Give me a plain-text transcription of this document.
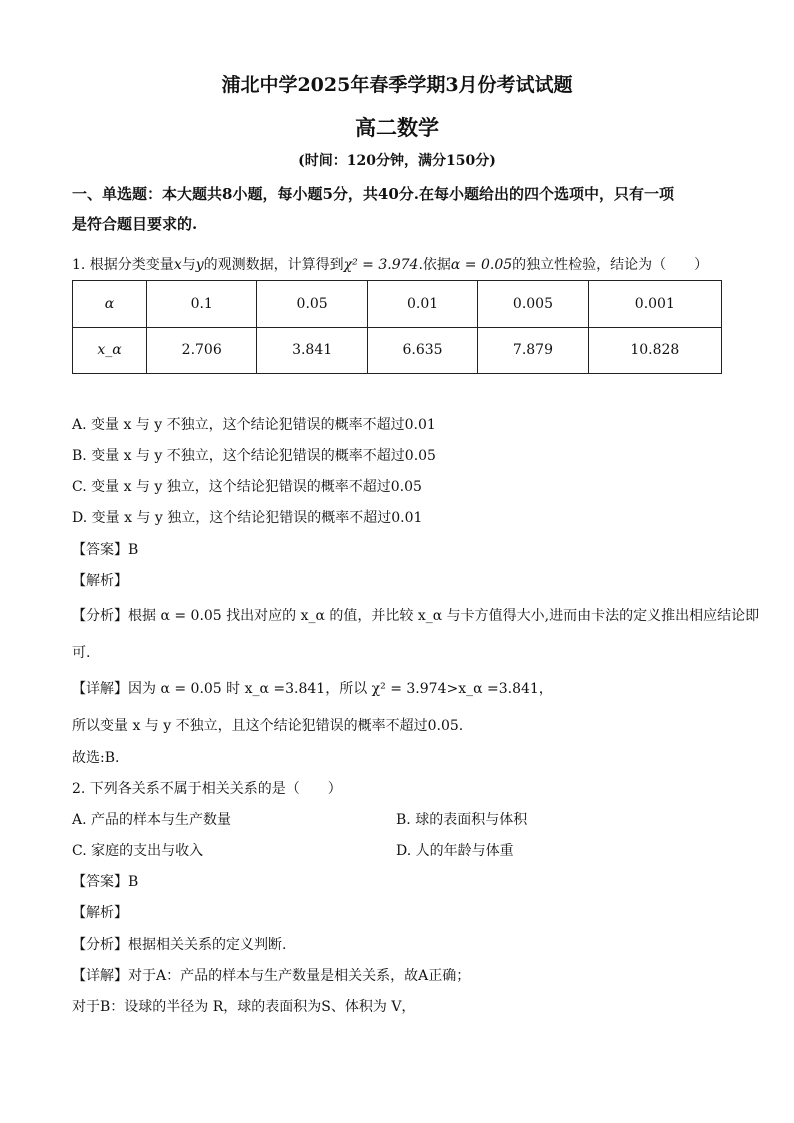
浦北中学2025年春季学期3月份考试试题
高二数学
(时间：120分钟，满分150分)
一、单选题：本大题共8小题，每小题5分，共40分.在每小题给出的四个选项中，只有一项
是符合题目要求的.
1. 根据分类变量x与y的观测数据，计算得到χ² = 3.974.依据α = 0.05的独立性检验，结论为（　　）
α	0.1	0.05	0.01	0.005	0.001
x_α	2.706	3.841	6.635	7.879	10.828
A. 变量 x 与 y 不独立，这个结论犯错误的概率不超过0.01
B. 变量 x 与 y 不独立，这个结论犯错误的概率不超过0.05
C. 变量 x 与 y 独立，这个结论犯错误的概率不超过0.05
D. 变量 x 与 y 独立，这个结论犯错误的概率不超过0.01
【答案】B
【解析】
【分析】根据 α = 0.05 找出对应的 x_α 的值，并比较 x_α 与卡方值得大小,进而由卡法的定义推出相应结论即
可.
【详解】因为 α = 0.05 时 x_α =3.841，所以 χ² = 3.974>x_α =3.841，
所以变量 x 与 y 不独立，且这个结论犯错误的概率不超过0.05.
故选:B.
2. 下列各关系不属于相关关系的是（　　）
A. 产品的样本与生产数量	B. 球的表面积与体积
C. 家庭的支出与收入	D. 人的年龄与体重
【答案】B
【解析】
【分析】根据相关关系的定义判断.
【详解】对于A：产品的样本与生产数量是相关关系，故A正确；
对于B：设球的半径为 R，球的表面积为S、体积为 V，
